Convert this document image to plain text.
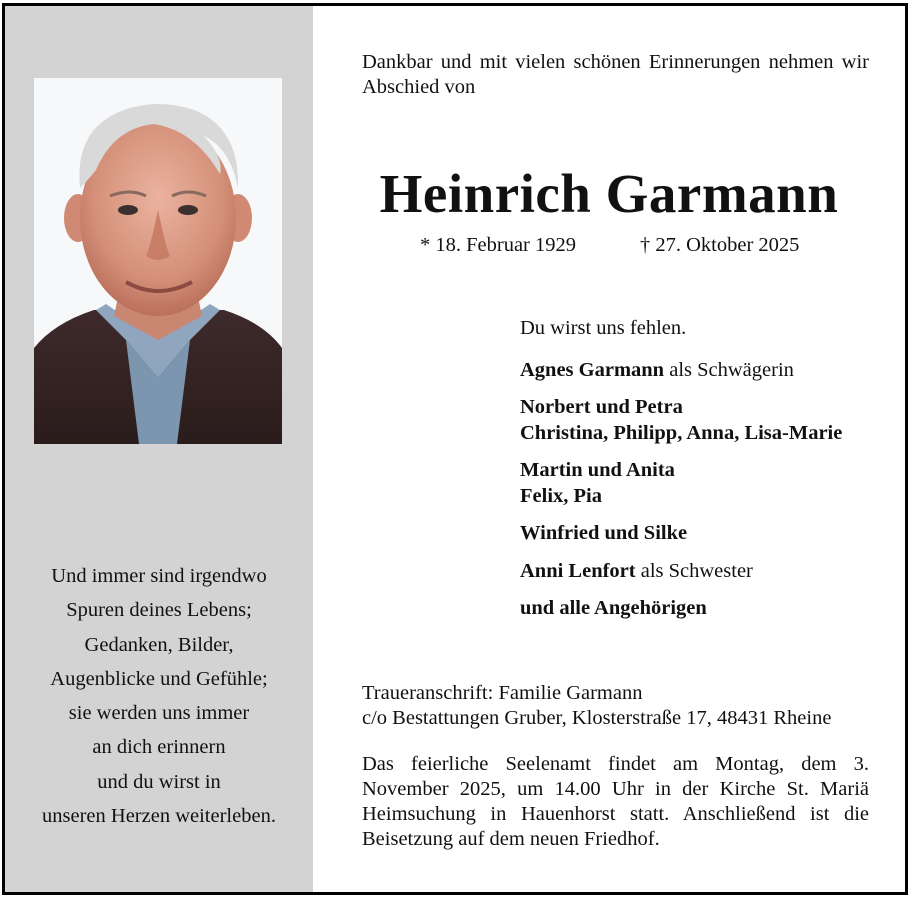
Und immer sind irgendwo
Spuren deines Lebens;
Gedanken, Bilder,
Augenblicke und Gefühle;
sie werden uns immer
an dich erinnern
und du wirst in
unseren Herzen weiterleben.
Dankbar und mit vielen schönen Erinnerungen nehmen wir Abschied von
Heinrich Garmann
* 18. Februar 1929	† 27. Oktober 2025
Du wirst uns fehlen.
Agnes Garmann als Schwägerin
Norbert und Petra
Christina, Philipp, Anna, Lisa-Marie
Martin und Anita
Felix, Pia
Winfried und Silke
Anni Lenfort als Schwester
und alle Angehörigen
Traueranschrift: Familie Garmann
c/o Bestattungen Gruber, Klosterstraße 17, 48431 Rheine
Das feierliche Seelenamt findet am Montag, dem 3. November 2025, um 14.00 Uhr in der Kirche St. Mariä Heimsuchung in Hauenhorst statt. Anschließend ist die Beisetzung auf dem neuen Friedhof.
